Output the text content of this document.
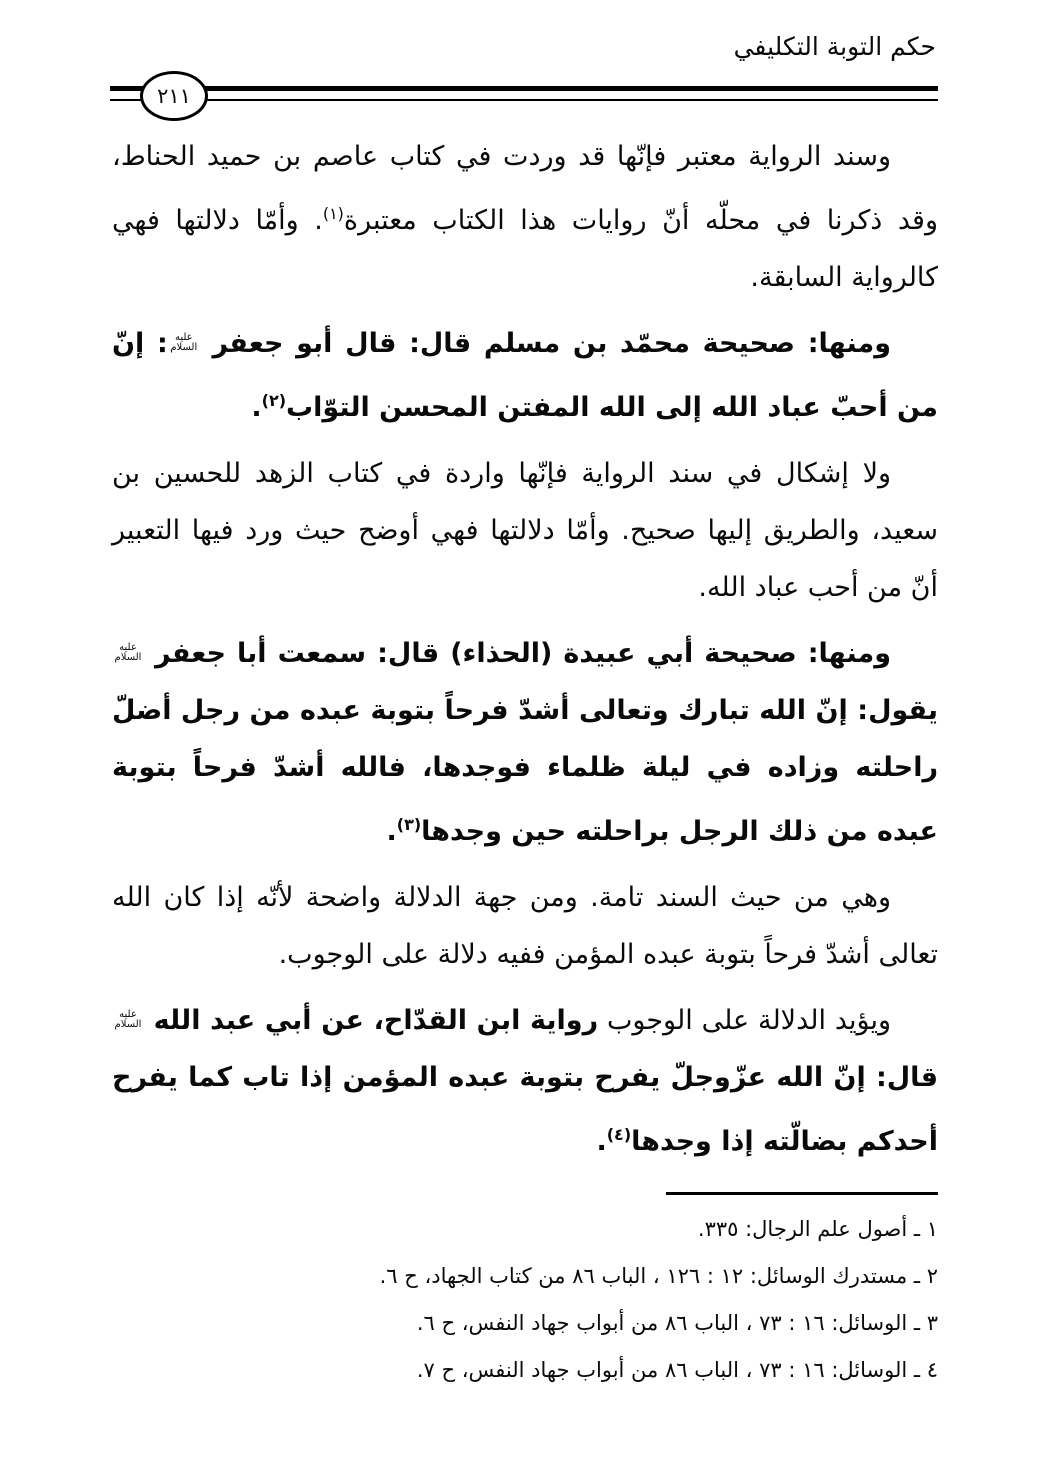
حكم التوبة التكليفي
٢١١

وسند الرواية معتبر فإنّها قد وردت في كتاب عاصم بن حميد الحناط، وقد ذكرنا في محلّه أنّ روايات هذا الكتاب معتبرة$^{(١)}$. وأمّا دلالتها فهي كالرواية السابقة.

ومنها: صحيحة محمّد بن مسلم قال: قال أبو جعفر عليه السلام: إنّ من أحبّ عباد الله إلى الله المفتن المحسن التوّاب$^{(٢)}$.

ولا إشكال في سند الرواية فإنّها واردة في كتاب الزهد للحسين بن سعيد، والطريق إليها صحيح. وأمّا دلالتها فهي أوضح حيث ورد فيها التعبير أنّ من أحب عباد الله.

ومنها: صحيحة أبي عبيدة (الحذاء) قال: سمعت أبا جعفر عليه السلام يقول: إنّ الله تبارك وتعالى أشدّ فرحاً بتوبة عبده من رجل أضلّ راحلته وزاده في ليلة ظلماء فوجدها، فالله أشدّ فرحاً بتوبة عبده من ذلك الرجل براحلته حين وجدها$^{(٣)}$.

وهي من حيث السند تامة. ومن جهة الدلالة واضحة لأنّه إذا كان الله تعالى أشدّ فرحاً بتوبة عبده المؤمن ففيه دلالة على الوجوب.

ويؤيد الدلالة على الوجوب رواية ابن القدّاح، عن أبي عبد الله عليه السلام قال: إنّ الله عزّوجلّ يفرح بتوبة عبده المؤمن إذا تاب كما يفرح أحدكم بضالّته إذا وجدها$^{(٤)}$.

١ ـ أصول علم الرجال: ٣٣٥.
٢ ـ مستدرك الوسائل: ١٢ : ١٢٦ ، الباب ٨٦ من كتاب الجهاد، ح ٦.
٣ ـ الوسائل: ١٦ : ٧٣ ، الباب ٨٦ من أبواب جهاد النفس، ح ٦.
٤ ـ الوسائل: ١٦ : ٧٣ ، الباب ٨٦ من أبواب جهاد النفس، ح ٧.
